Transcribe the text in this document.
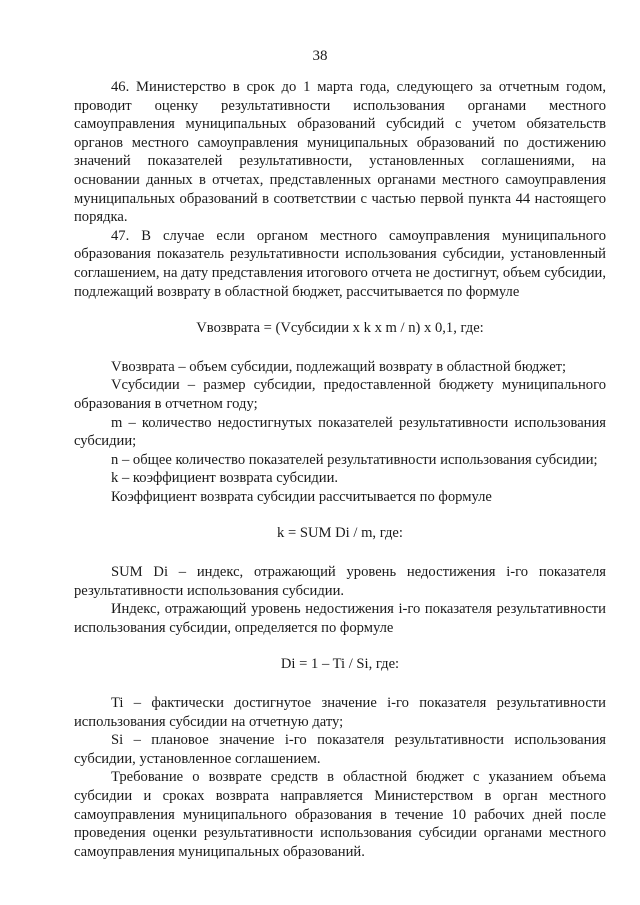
38

46. Министерство в срок до 1 марта года, следующего за отчетным годом, проводит оценку результативности использования органами местного самоуправления муниципальных образований субсидий с учетом обязательств органов местного самоуправления муниципальных образований по достижению значений показателей результативности, установленных соглашениями, на основании данных в отчетах, представленных органами местного самоуправления муниципальных образований в соответствии с частью первой пункта 44 настоящего порядка.

47. В случае если органом местного самоуправления муниципального образования показатель результативности использования субсидии, установленный соглашением, на дату представления итогового отчета не достигнут, объем субсидии, подлежащий возврату в областной бюджет, рассчитывается по формуле

Vвозврата = (Vсубсидии х k х m / n) х 0,1, где:

Vвозврата – объем субсидии, подлежащий возврату в областной бюджет;

Vсубсидии – размер субсидии, предоставленной бюджету муниципального образования в отчетном году;

m – количество недостигнутых показателей результативности использования субсидии;

n – общее количество показателей результативности использования субсидии;

k – коэффициент возврата субсидии.

Коэффициент возврата субсидии рассчитывается по формуле

k = SUM Di / m, где:

SUM Di – индекс, отражающий уровень недостижения i-го показателя результативности использования субсидии.

Индекс, отражающий уровень недостижения i-го показателя результативности использования субсидии, определяется по формуле

Di = 1 – Ti / Si, где:

Ti – фактически достигнутое значение i-го показателя результативности использования субсидии на отчетную дату;

Si – плановое значение i-го показателя результативности использования субсидии, установленное соглашением.

Требование о возврате средств в областной бюджет с указанием объема субсидии и сроках возврата направляется Министерством в орган местного самоуправления муниципального образования в течение 10 рабочих дней после проведения оценки результативности использования субсидии органами местного самоуправления муниципальных образований.
